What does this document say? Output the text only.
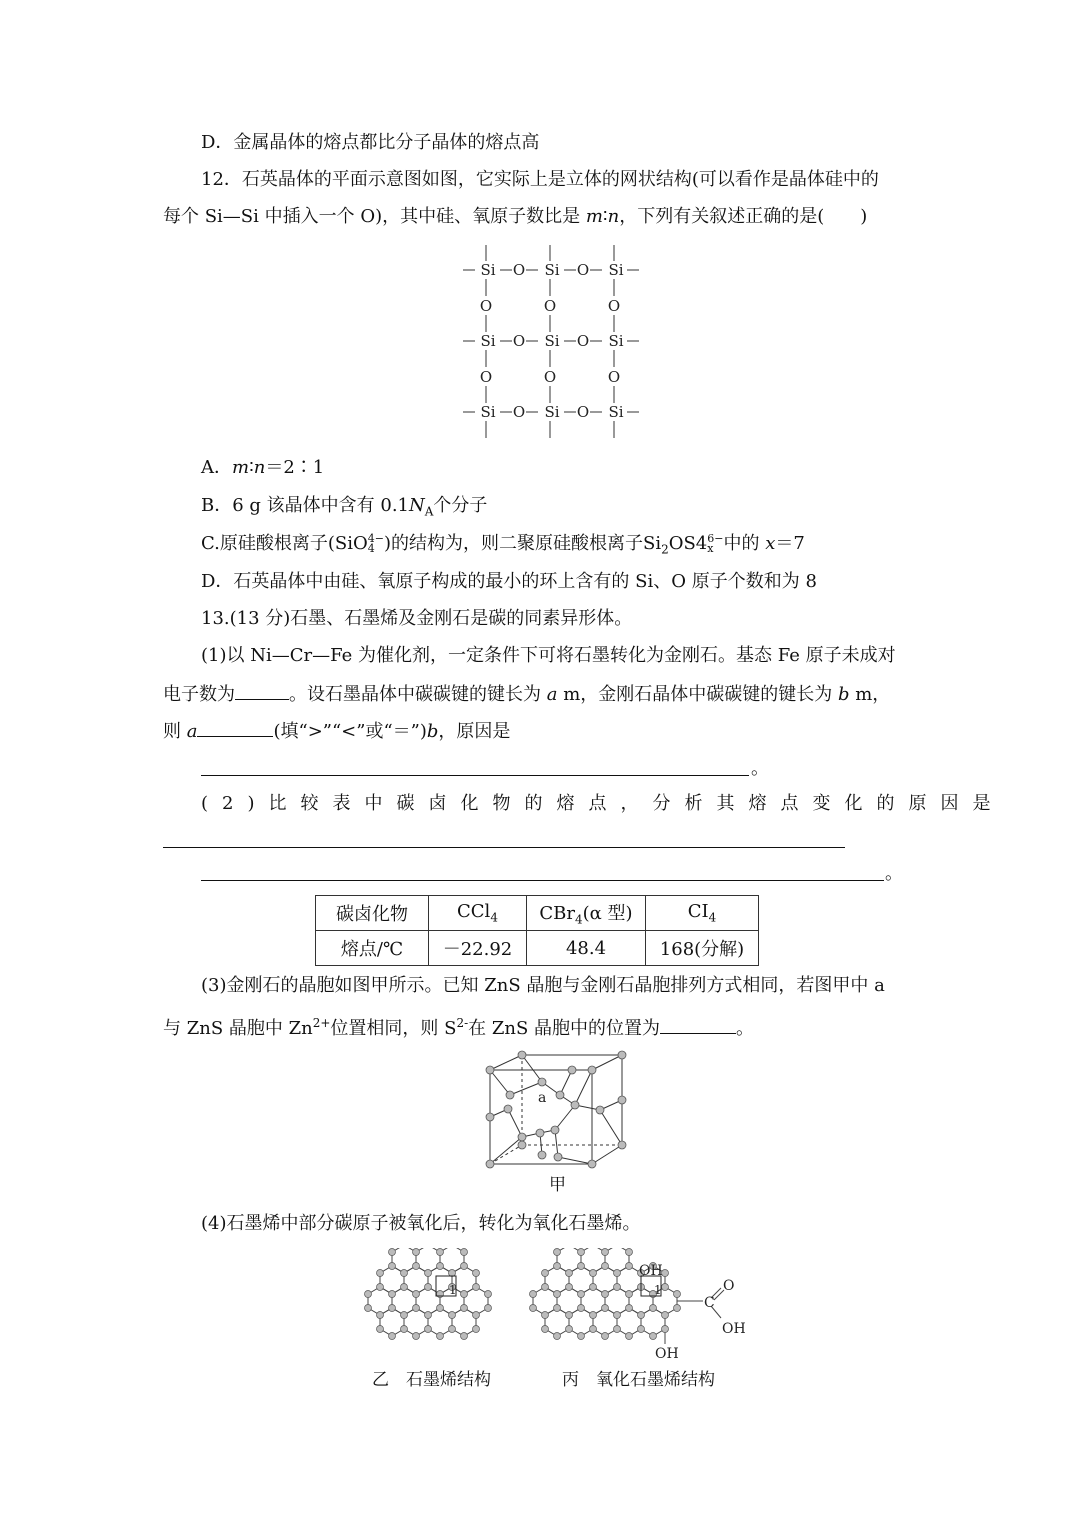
D．金属晶体的熔点都比分子晶体的熔点高
12．石英晶体的平面示意图如图，它实际上是立体的网状结构(可以看作是晶体硅中的
每个 Si—Si 中插入一个 O)，其中硅、氧原子数比是 m∶n，下列有关叙述正确的是(　　)
Si O Si O Si
O	O	O
Si O Si O Si
O	O	O
Si O Si O Si
A．m∶n＝2∶1
B．6 g 该晶体中含有 $0.1N_A$个分子
C.原硅酸根离子(SiO 4−
4 )的结构为，则二聚原硅酸根离子$Si_2OS4$ 6−
x 中的 x＝7
D．石英晶体中由硅、氧原子构成的最小的环上含有的 Si、O 原子个数和为 8
13.(13 分)石墨、石墨烯及金刚石是碳的同素异形体。
(1)以 Ni—Cr—Fe 为催化剂，一定条件下可将石墨转化为金刚石。基态 Fe 原子未成对
电子数为	。设石墨晶体中碳碳键的键长为 a m，金刚石晶体中碳碳键的键长为 b m，
则 a	(填“>”“<”或“＝”)b，原因是
。
(2)比较表中碳卤化物的熔点，分析其熔点变化的原因是
。
碳卤化物	CCl$_4$	CBr$_4$(α 型)	$CI_4$
熔点/℃	－22.92	48.4	168(分解)
(3)金刚石的晶胞如图甲所示。已知 ZnS 晶胞与金刚石晶胞排列方式相同，若图甲中 a
与 ZnS 晶胞中 $Zn^{2+}$位置相同，则 $S^{2-}$在 ZnS 晶胞中的位置为	。
a
甲
(4)石墨烯中部分碳原子被氧化后，转化为氧化石墨烯。
1
乙　石墨烯结构
OH
1
C
O
OH
OH
丙　氧化石墨烯结构
